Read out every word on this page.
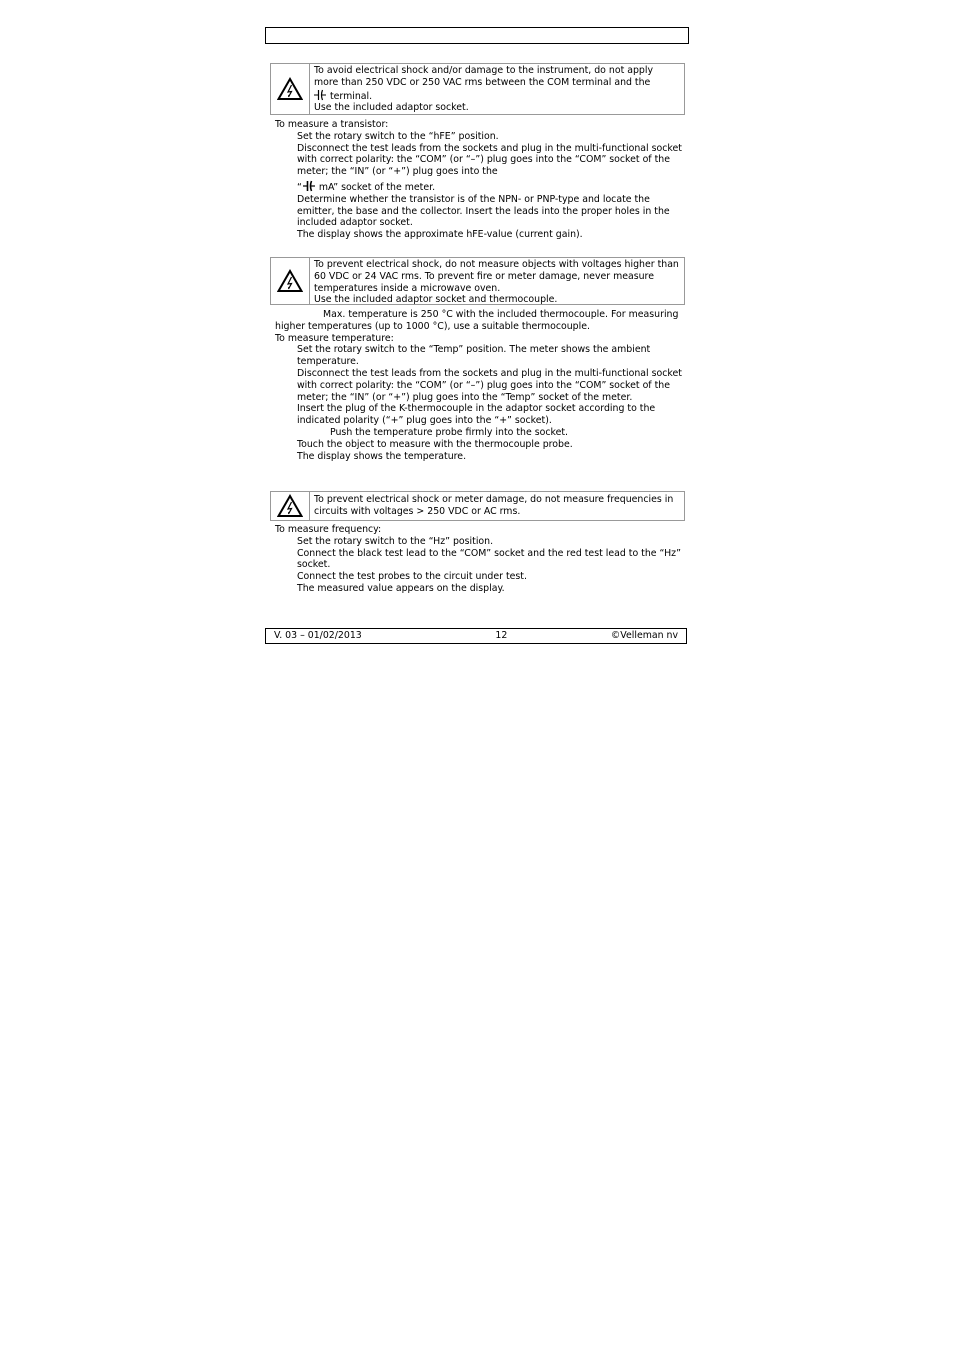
To avoid electrical shock and/or damage to the instrument, do not apply more than 250 VDC or 250 VAC rms between the COM terminal and the

terminal.

Use the included adaptor socket.

To measure a transistor:

Set the rotary switch to the “hFE” position.

Disconnect the test leads from the sockets and plug in the multi-functional socket with correct polarity: the “COM” (or “–”) plug goes into the “COM” socket of the meter; the “IN” (or “+”) plug goes into the

“ mA” socket of the meter.

Determine whether the transistor is of the NPN- or PNP-type and locate the emitter, the base and the collector. Insert the leads into the proper holes in the included adaptor socket.

The display shows the approximate hFE-value (current gain).

To prevent electrical shock, do not measure objects with voltages higher than 60 VDC or 24 VAC rms. To prevent fire or meter damage, never measure temperatures inside a microwave oven.

Use the included adaptor socket and thermocouple.

Max. temperature is 250 °C with the included thermocouple. For measuring higher temperatures (up to 1000 °C), use a suitable thermocouple.

To measure temperature:

Set the rotary switch to the “Temp” position. The meter shows the ambient temperature.

Disconnect the test leads from the sockets and plug in the multi-functional socket with correct polarity: the “COM” (or “–”) plug goes into the “COM” socket of the meter; the “IN” (or “+”) plug goes into the “Temp” socket of the meter.

Insert the plug of the K-thermocouple in the adaptor socket according to the indicated polarity (“+” plug goes into the “+” socket).

Push the temperature probe firmly into the socket.

Touch the object to measure with the thermocouple probe.

The display shows the temperature.

To prevent electrical shock or meter damage, do not measure frequencies in circuits with voltages > 250 VDC or AC rms.

To measure frequency:

Set the rotary switch to the “Hz” position.

Connect the black test lead to the “COM” socket and the red test lead to the “Hz” socket.

Connect the test probes to the circuit under test.

The measured value appears on the display.

V. 03 – 01/02/2013	12	©Velleman nv
